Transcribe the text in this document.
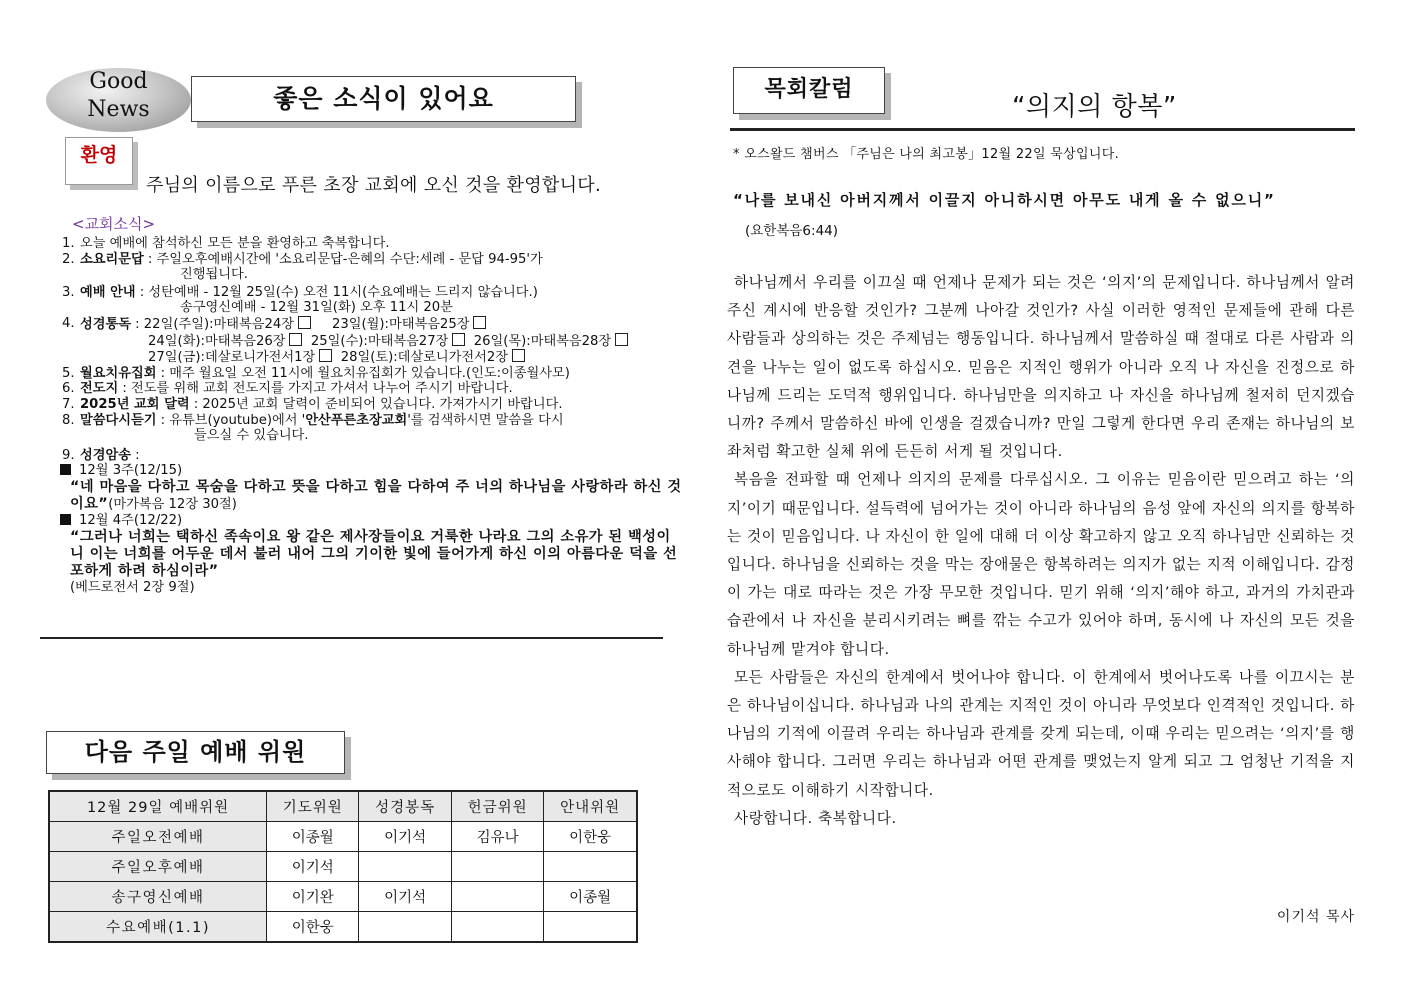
Good
News	좋은 소식이 있어요
환영
주님의 이름으로 푸른 초장 교회에 오신 것을 환영합니다.
<교회소식>
1. 오늘 예배에 참석하신 모든 분을 환영하고 축복합니다.
2. 소요리문답 : 주일오후예배시간에 '소요리문답-은혜의 수단:세례 - 문답 94-95'가
진행됩니다.
3. 예배 안내 : 성탄예배 - 12월 25일(수) 오전 11시(수요예배는 드리지 않습니다.)
송구영신예배 - 12월 31일(화) 오후 11시 20분
4. 성경통독 : 22일(주일):마태복음24장	23일(월):마태복음25장
24일(화):마태복음26장 25일(수):마태복음27장 26일(목):마태복음28장
27일(금):데살로니가전서1장 28일(토):데살로니가전서2장
5. 월요치유집회 : 매주 월요일 오전 11시에 월요치유집회가 있습니다.(인도:이종월사모)
6. 전도지 : 전도를 위해 교회 전도지를 가지고 가셔서 나누어 주시기 바랍니다.
7. 2025년 교회 달력 : 2025년 교회 달력이 준비되어 있습니다. 가져가시기 바랍니다.
8. 말씀다시듣기 : 유튜브(youtube)에서 '안산푸른초장교회'를 검색하시면 말씀을 다시
들으실 수 있습니다.
9. 성경암송 :
12월 3주(12/15)
“네 마음을 다하고 목숨을 다하고 뜻을 다하고 힘을 다하여 주 너의 하나님을 사랑하라 하신 것이요”(마가복음 12장 30절)
12월 4주(12/22)
“그러나 너희는 택하신 족속이요 왕 같은 제사장들이요 거룩한 나라요 그의 소유가 된 백성이니 이는 너희를 어두운 데서 불러 내어 그의 기이한 빛에 들어가게 하신 이의 아름다운 덕을 선포하게 하려 하심이라”
(베드로전서 2장 9절)
다음 주일 예배 위원
12월 29일 예배위원	기도위원	성경봉독	헌금위원	안내위원
주일오전예배	이종월	이기석	김유나	이한웅
주일오후예배	이기석			
송구영신예배	이기완	이기석		이종월
수요예배(1.1)	이한웅			
목회칼럼
“의지의 항복”
* 오스왈드 챔버스 「주님은 나의 최고봉」12월 22일 묵상입니다.
“나를 보내신 아버지께서 이끌지 아니하시면 아무도 내게 올 수 없으니”
(요한복음6:44)

하나님께서 우리를 이끄실 때 언제나 문제가 되는 것은 ‘의지’의 문제입니다. 하나님께서 알려주신 계시에 반응할 것인가? 그분께 나아갈 것인가? 사실 이러한 영적인 문제들에 관해 다른 사람들과 상의하는 것은 주제넘는 행동입니다. 하나님께서 말씀하실 때 절대로 다른 사람과 의견을 나누는 일이 없도록 하십시오. 믿음은 지적인 행위가 아니라 오직 나 자신을 진정으로 하나님께 드리는 도덕적 행위입니다. 하나님만을 의지하고 나 자신을 하나님께 철저히 던지겠습니까? 주께서 말씀하신 바에 인생을 걸겠습니까? 만일 그렇게 한다면 우리 존재는 하나님의 보좌처럼 확고한 실체 위에 든든히 서게 될 것입니다.

복음을 전파할 때 언제나 의지의 문제를 다루십시오. 그 이유는 믿음이란 믿으려고 하는 ‘의지’이기 때문입니다. 설득력에 넘어가는 것이 아니라 하나님의 음성 앞에 자신의 의지를 항복하는 것이 믿음입니다. 나 자신이 한 일에 대해 더 이상 확고하지 않고 오직 하나님만 신뢰하는 것입니다. 하나님을 신뢰하는 것을 막는 장애물은 항복하려는 의지가 없는 지적 이해입니다. 감정이 가는 대로 따라는 것은 가장 무모한 것입니다. 믿기 위해 ‘의지’해야 하고, 과거의 가치관과 습관에서 나 자신을 분리시키려는 뼈를 깎는 수고가 있어야 하며, 동시에 나 자신의 모든 것을 하나님께 맡겨야 합니다.

모든 사람들은 자신의 한계에서 벗어나야 합니다. 이 한계에서 벗어나도록 나를 이끄시는 분은 하나님이십니다. 하나님과 나의 관계는 지적인 것이 아니라 무엇보다 인격적인 것입니다. 하나님의 기적에 이끌려 우리는 하나님과 관계를 갖게 되는데, 이때 우리는 믿으려는 ‘의지’를 행사해야 합니다. 그러면 우리는 하나님과 어떤 관계를 맺었는지 알게 되고 그 엄청난 기적을 지적으로도 이해하기 시작합니다.

사랑합니다. 축복합니다.

이기석 목사
